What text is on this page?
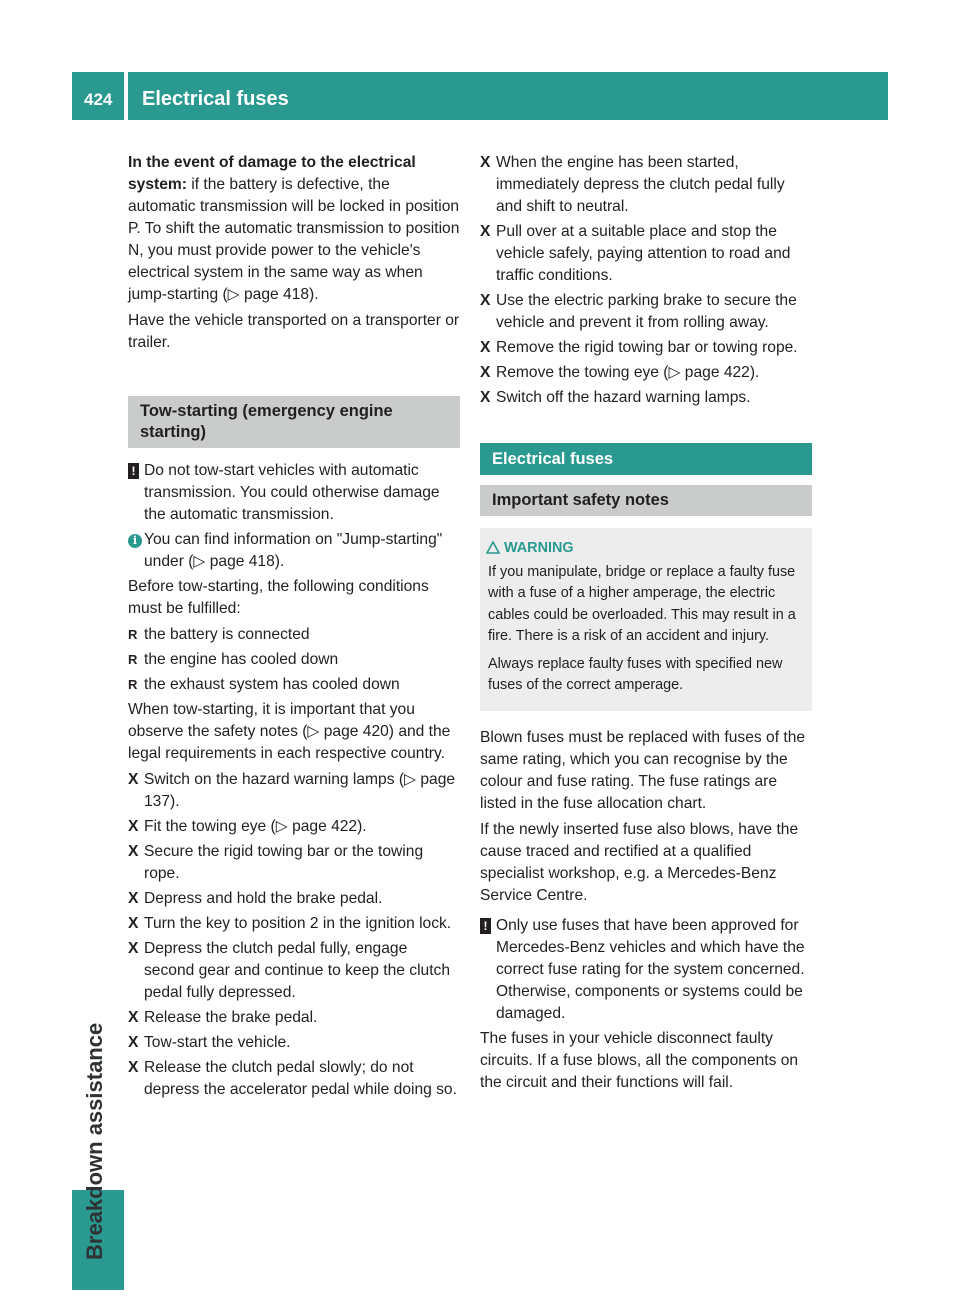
424 Electrical fuses
Breakdown assistance

In the event of damage to the electrical system: if the battery is defective, the automatic transmission will be locked in position P. To shift the automatic transmission to position N, you must provide power to the vehicle's electrical system in the same way as when jump-starting (▷ page 418).

Have the vehicle transported on a transporter or trailer.

Tow-starting (emergency engine starting)
! Do not tow-start vehicles with automatic transmission. You could otherwise damage the automatic transmission.
i You can find information on "Jump-starting" under (▷ page 418).

Before tow-starting, the following conditions must be fulfilled:

R the battery is connected
R the engine has cooled down
R the exhaust system has cooled down

When tow-starting, it is important that you observe the safety notes (▷ page 420) and the legal requirements in each respective country.

X Switch on the hazard warning lamps (▷ page 137).
X Fit the towing eye (▷ page 422).
X Secure the rigid towing bar or the towing rope.
X Depress and hold the brake pedal.
X Turn the key to position 2 in the ignition lock.
X Depress the clutch pedal fully, engage second gear and continue to keep the clutch pedal fully depressed.
X Release the brake pedal.
X Tow-start the vehicle.
X Release the clutch pedal slowly; do not depress the accelerator pedal while doing so.
X When the engine has been started, immediately depress the clutch pedal fully and shift to neutral.
X Pull over at a suitable place and stop the vehicle safely, paying attention to road and traffic conditions.
X Use the electric parking brake to secure the vehicle and prevent it from rolling away.
X Remove the rigid towing bar or towing rope.
X Remove the towing eye (▷ page 422).
X Switch off the hazard warning lamps.
Electrical fuses
Important safety notes
WARNING

If you manipulate, bridge or replace a faulty fuse with a fuse of a higher amperage, the electric cables could be overloaded. This may result in a fire. There is a risk of an accident and injury.

Always replace faulty fuses with specified new fuses of the correct amperage.

Blown fuses must be replaced with fuses of the same rating, which you can recognise by the colour and fuse rating. The fuse ratings are listed in the fuse allocation chart.

If the newly inserted fuse also blows, have the cause traced and rectified at a qualified specialist workshop, e.g. a Mercedes-Benz Service Centre.

! Only use fuses that have been approved for Mercedes-Benz vehicles and which have the correct fuse rating for the system concerned. Otherwise, components or systems could be damaged.

The fuses in your vehicle disconnect faulty circuits. If a fuse blows, all the components on the circuit and their functions will fail.
